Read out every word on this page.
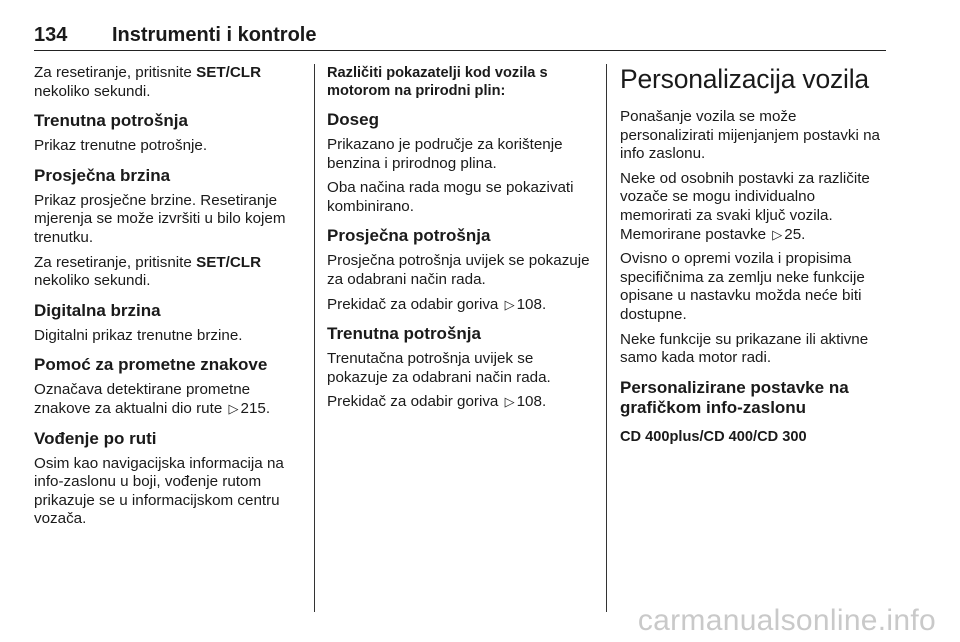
134 Instrumenti i kontrole

Za resetiranje, pritisnite SET/CLR nekoliko sekundi.

Trenutna potrošnja

Prikaz trenutne potrošnje.

Prosječna brzina

Prikaz prosječne brzine. Resetiranje mjerenja se može izvršiti u bilo kojem trenutku.

Za resetiranje, pritisnite SET/CLR nekoliko sekundi.

Digitalna brzina

Digitalni prikaz trenutne brzine.

Pomoć za prometne znakove

Označava detektirane prometne znakove za aktualni dio rute ▷ 215.

Vođenje po ruti

Osim kao navigacijska informacija na info-zaslonu u boji, vođenje rutom prikazuje se u informacijskom centru vozača.

Različiti pokazatelji kod vozila s motorom na prirodni plin:
Doseg

Prikazano je područje za korištenje benzina i prirodnog plina.

Oba načina rada mogu se pokazivati kombinirano.

Prosječna potrošnja

Prosječna potrošnja uvijek se pokazuje za odabrani način rada.

Prekidač za odabir goriva ▷ 108.

Trenutna potrošnja

Trenutačna potrošnja uvijek se pokazuje za odabrani način rada.

Prekidač za odabir goriva ▷ 108.

Personalizacija vozila

Ponašanje vozila se može personalizirati mijenjanjem postavki na info zaslonu.

Neke od osobnih postavki za različite vozače se mogu individualno memorirati za svaki ključ vozila. Memorirane postavke ▷ 25.

Ovisno o opremi vozila i propisima specifičnima za zemlju neke funkcije opisane u nastavku možda neće biti dostupne.

Neke funkcije su prikazane ili aktivne samo kada motor radi.

Personalizirane postavke na grafičkom info-zaslonu
CD 400plus/CD 400/CD 300
carmanualsonline.info
